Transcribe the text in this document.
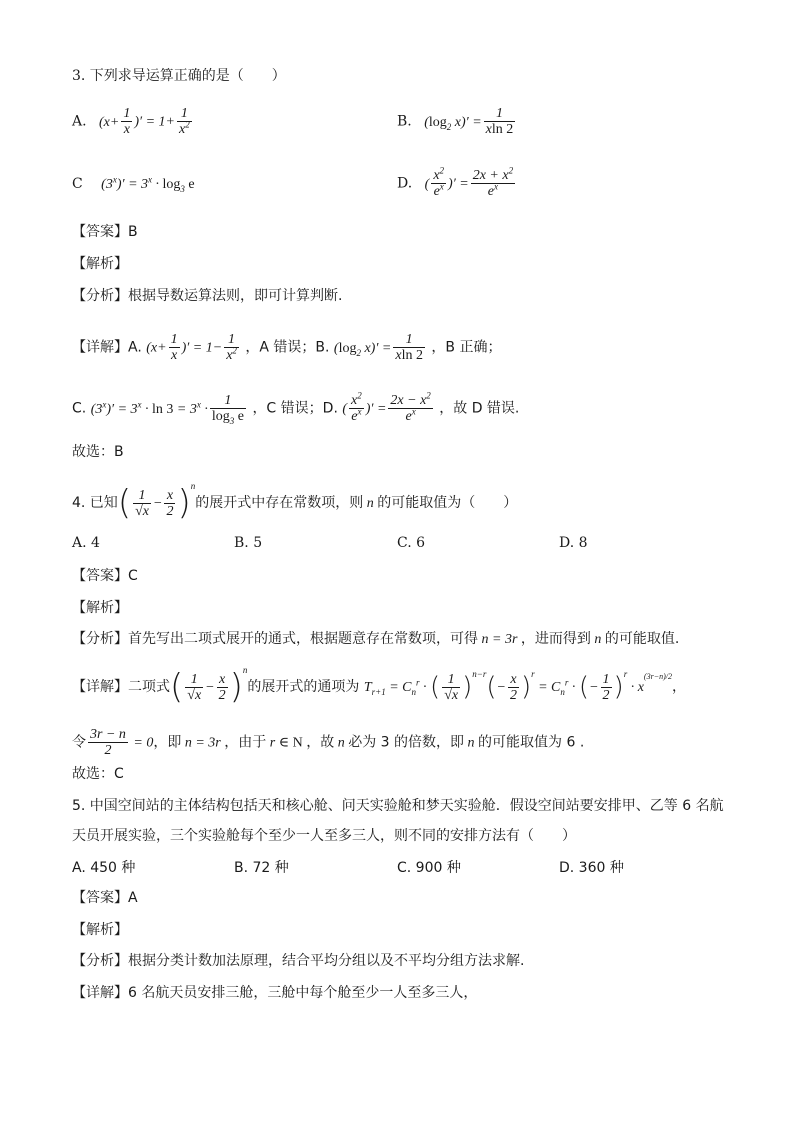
3. 下列求导运算正确的是（　　）
A. ($x+ \frac{1}{x}$ )′ = $1+ \frac{1}{x^2}$	B. ($\log_2$ $x)' = \frac{1}{xln 2}$
C $(3^x)' = 3^x \cdot \log_3 e$	D. ( $\frac{x^2}{e^x}$ )′ = $\frac{2x + x^2}{e^x}$
【答案】B
【解析】
【分析】根据导数运算法则，即可计算判断.
【详解】A. ($x+ \frac{1}{x}$ )′ = $1- \frac{1}{x^2}$ ，A 错误；B. ($\log_2$ $x)' = \frac{1}{xln 2}$ ，B 正确；
C. $(3^x)' = 3^x \cdot \ln 3 = 3^x \cdot \frac{1}{\log_3 e}$ ，C 错误；D. ( $\frac{x^2}{e^x}$ )′ = $\frac{2x - x^2}{e^x}$ ，故 D 错误.
故选：B
4. 已知( $\frac{1}{√x} - \frac{x}{2} )^n$的展开式中存在常数项，则 n 的可能取值为（　　）
A. 4	B. 5	C. 6	D. 8
【答案】C
【解析】
【分析】首先写出二项式展开的通式，根据题意存在常数项，可得 n = 3r ，进而得到 n 的可能取值.
【详解】二项式( $\frac{1}{√x} - \frac{x}{2} )^n$的展开式的通项为 $T_{r+1} = C_n^r$ · ( $\frac{1}{√x} )^{n-r}(- \frac{x}{2} )^r = C_n^r$ · (− $\frac{1}{2} )^r \cdot x^{(3r-n)/2}$，
令 $\frac{3r - n}{2} = 0$，即 n = 3r ，由于 r ∈ N ，故 n 必为 3 的倍数，即 n 的可能取值为 6 .
故选：C
5. 中国空间站的主体结构包括天和核心舱、问天实验舱和梦天实验舱．假设空间站要安排甲、乙等 6 名航
天员开展实验，三个实验舱每个至少一人至多三人，则不同的安排方法有（　　）
A. 450 种	B. 72 种	C. 900 种	D. 360 种
【答案】A
【解析】
【分析】根据分类计数加法原理，结合平均分组以及不平均分组方法求解.
【详解】6 名航天员安排三舱，三舱中每个舱至少一人至多三人，
